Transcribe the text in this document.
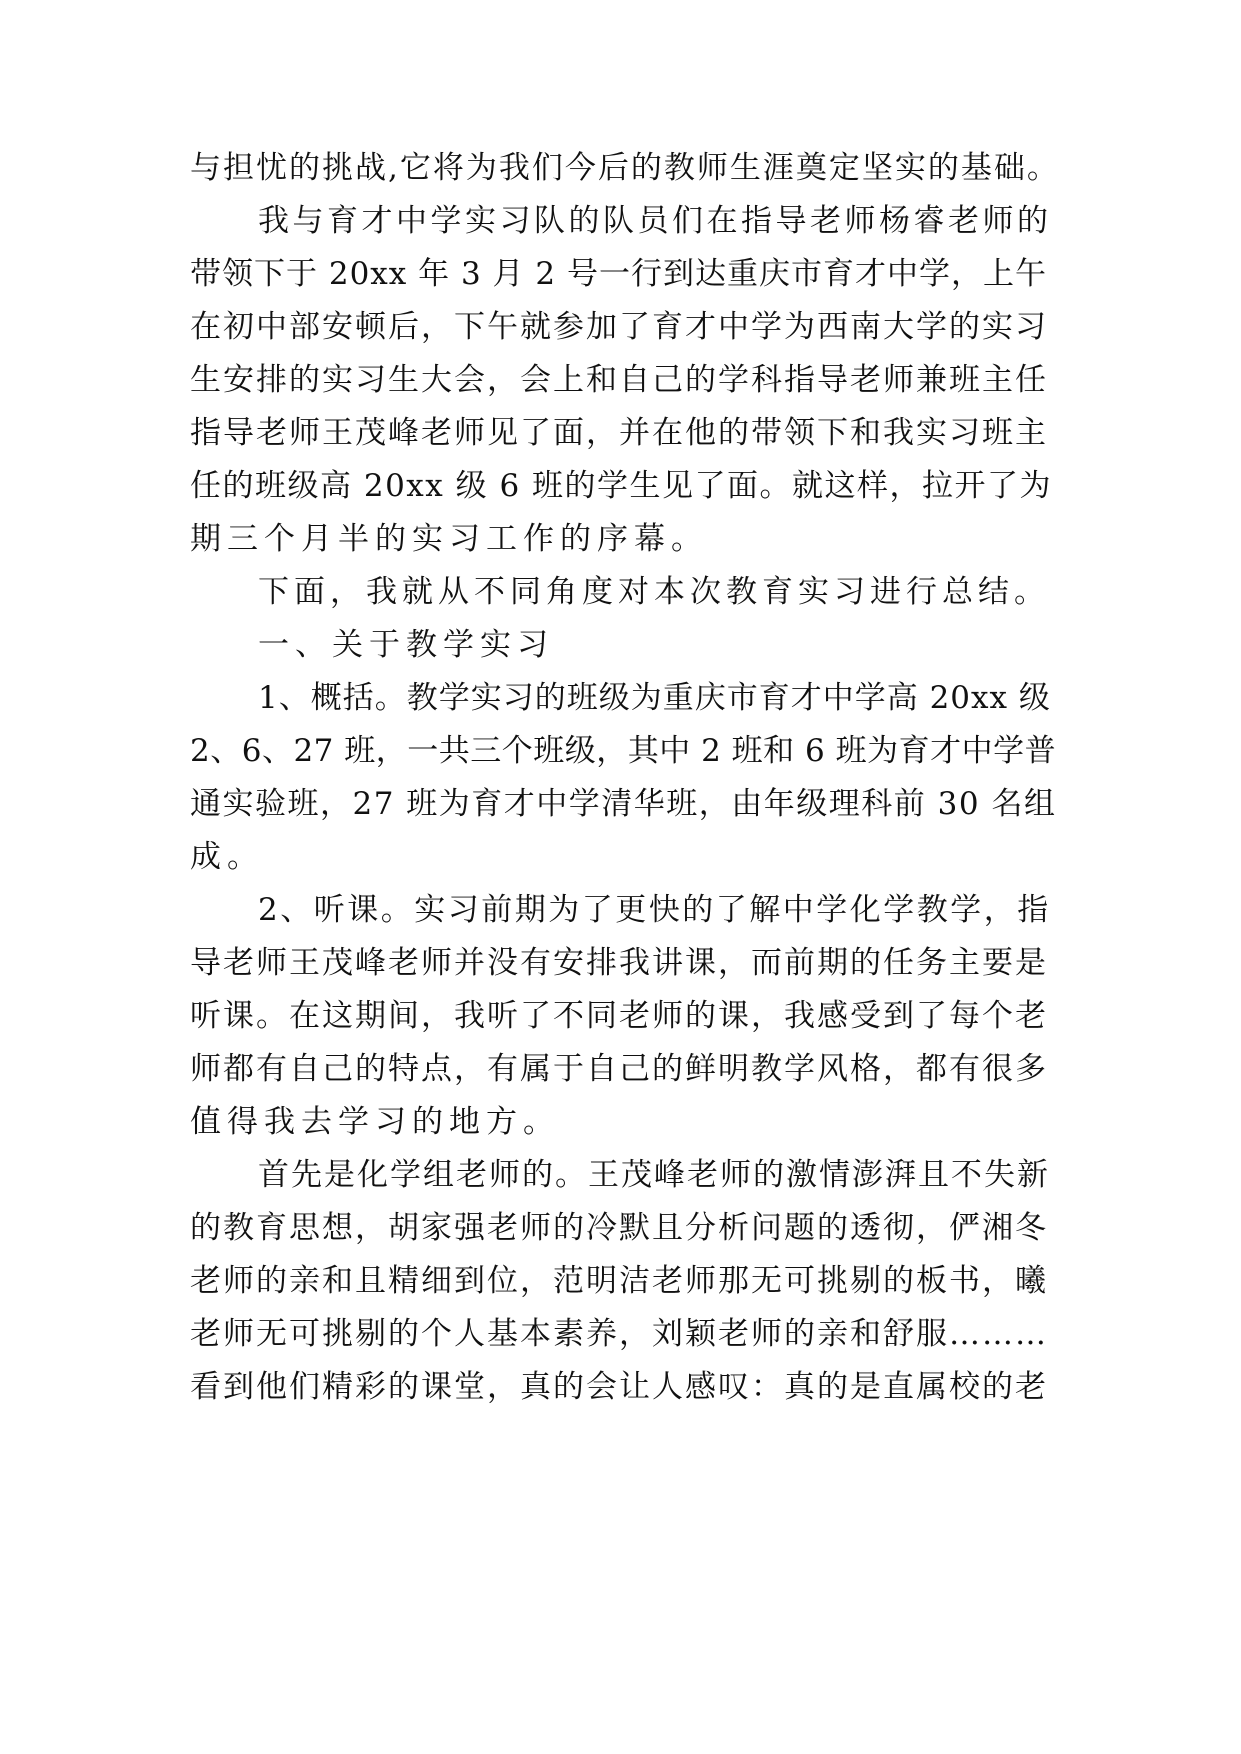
与担忧的挑战,它将为我们今后的教师生涯奠定坚实的基础。

我与育才中学实习队的队员们在指导老师杨睿老师的

带领下于 20xx 年 3 月 2 号一行到达重庆市育才中学，上午

在初中部安顿后，下午就参加了育才中学为西南大学的实习

生安排的实习生大会，会上和自己的学科指导老师兼班主任

指导老师王茂峰老师见了面，并在他的带领下和我实习班主

任的班级高 20xx 级 6 班的学生见了面。就这样，拉开了为

期三个月半的实习工作的序幕。

下面，我就从不同角度对本次教育实习进行总结。

一、关于教学实习

1、概括。教学实习的班级为重庆市育才中学高 20xx 级

2、6、27 班，一共三个班级，其中 2 班和 6 班为育才中学普

通实验班，27 班为育才中学清华班，由年级理科前 30 名组

成。

2、听课。实习前期为了更快的了解中学化学教学，指

导老师王茂峰老师并没有安排我讲课，而前期的任务主要是

听课。在这期间，我听了不同老师的课，我感受到了每个老

师都有自己的特点，有属于自己的鲜明教学风格，都有很多

值得我去学习的地方。

首先是化学组老师的。王茂峰老师的激情澎湃且不失新

的教育思想，胡家强老师的冷默且分析问题的透彻，俨湘冬

老师的亲和且精细到位，范明洁老师那无可挑剔的板书，曦

老师无可挑剔的个人基本素养，刘颖老师的亲和舒服………

看到他们精彩的课堂，真的会让人感叹：真的是直属校的老
